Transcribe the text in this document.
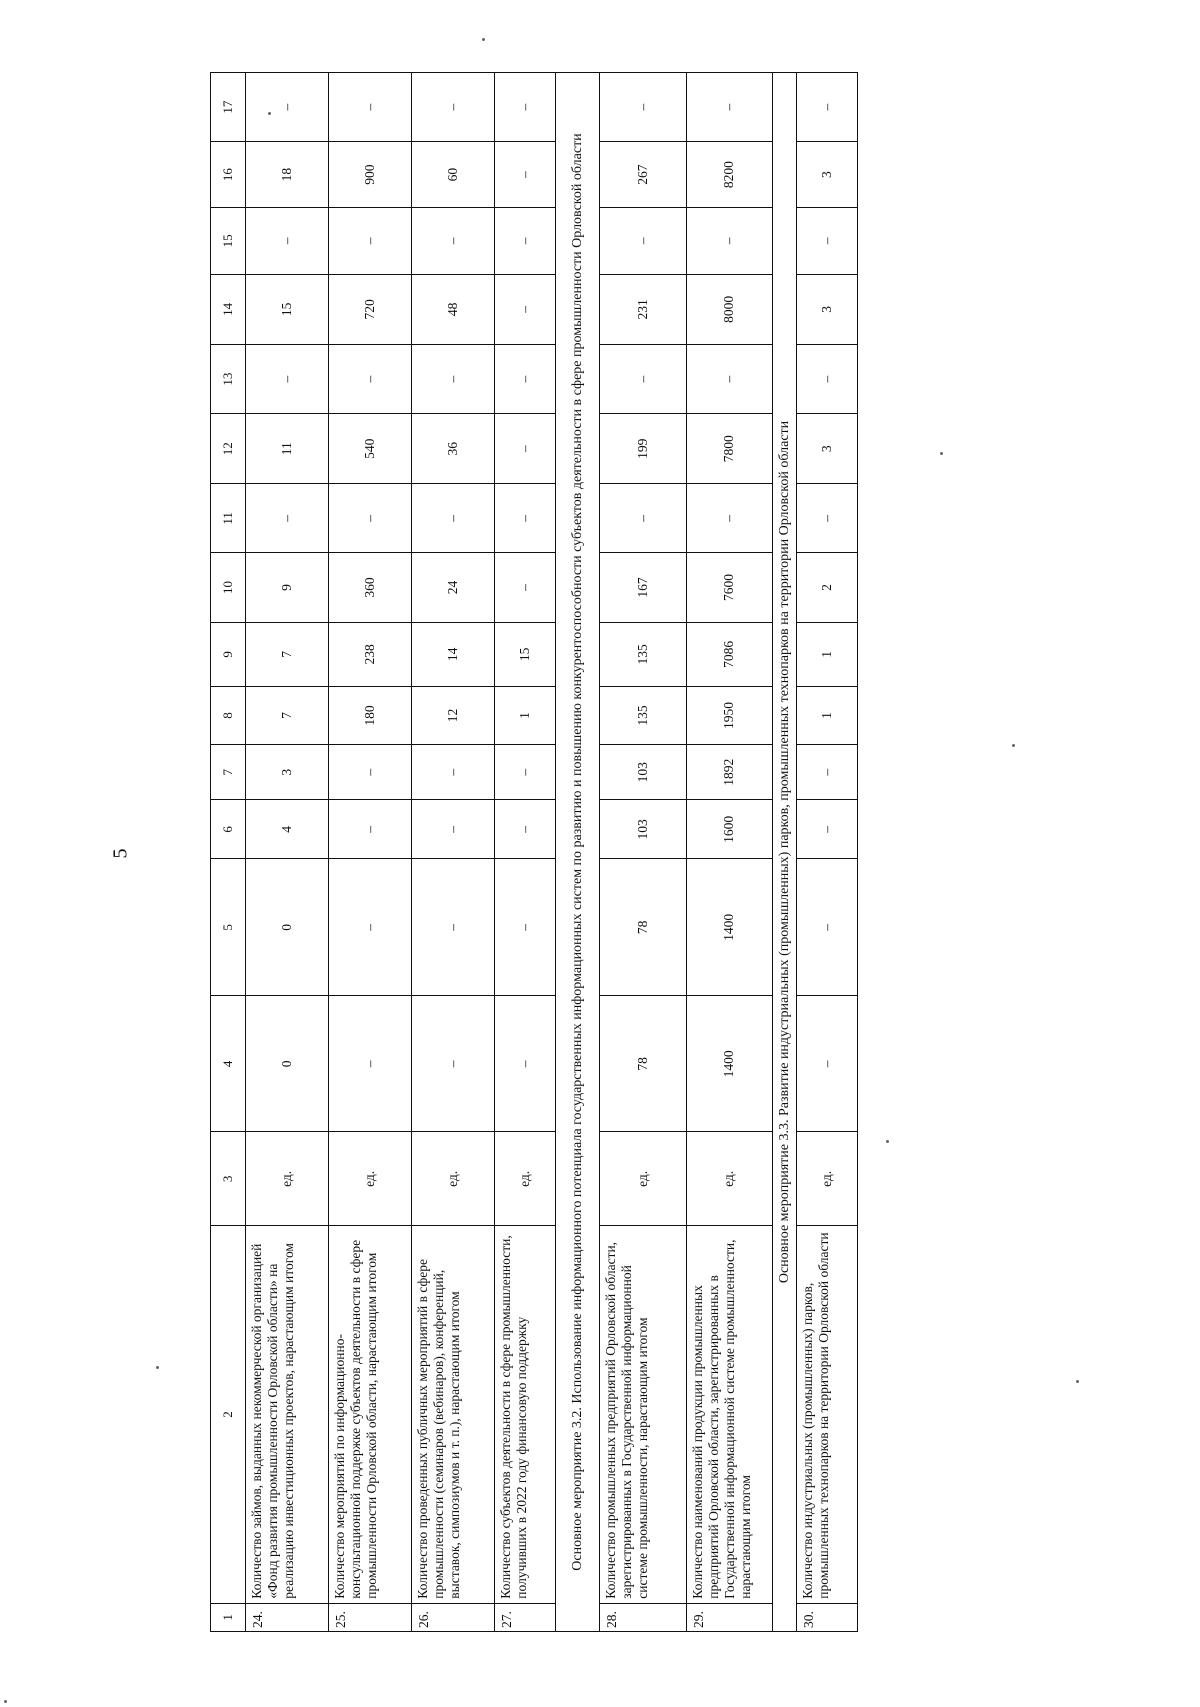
5
1	2	3	4	5	6	7	8	9	10	11	12	13	14	15	16	17
24.	Количество займов, выданных некоммерческой организацией «Фонд развития промышленности Орловской области» на реализацию инвестиционных проектов, нарастающим итогом	ед.	0	0	4	3	7	7	9	–	11	–	15	–	18	–
25.	Количество мероприятий по информационно-консультационной поддержке субъектов деятельности в сфере промышленности Орловской области, нарастающим итогом	ед.	–	–	–	–	180	238	360	–	540	–	720	–	900	–
26.	Количество проведенных публичных мероприятий в сфере промышленности (семинаров (вебинаров), конференций, выставок, симпозиумов и т. п.), нарастающим итогом	ед.	–	–	–	–	12	14	24	–	36	–	48	–	60	–
27.	Количество субъектов деятельности в сфере промышленности, получивших в 2022 году финансовую поддержку	ед.	–	–	–	–	1	15	–	–	–	–	–	–	–	–
Основное мероприятие 3.2. Использование информационного потенциала государственных информационных систем по развитию и повышению конкурентоспособности субъектов деятельности в сфере промышленности Орловской области																
28.	Количество промышленных предприятий Орловской области, зарегистрированных в Государственной информационной системе промышленности, нарастающим итогом	ед.	78	78	103	103	135	135	167	–	199	–	231	–	267	–
29.	Количество наименований продукции промышленных предприятий Орловской области, зарегистрированных в Государственной информационной системе промышленности, нарастающим итогом	ед.	1400	1400	1600	1892	1950	7086	7600	–	7800	–	8000	–	8200	–
Основное мероприятие 3.3. Развитие индустриальных (промышленных) парков, промышленных технопарков на территории Орловской области																
30.	Количество индустриальных (промышленных) парков, промышленных технопарков на территории Орловской области	ед.	–	–	–	–	1	1	2	–	3	–	3	–	3	–
